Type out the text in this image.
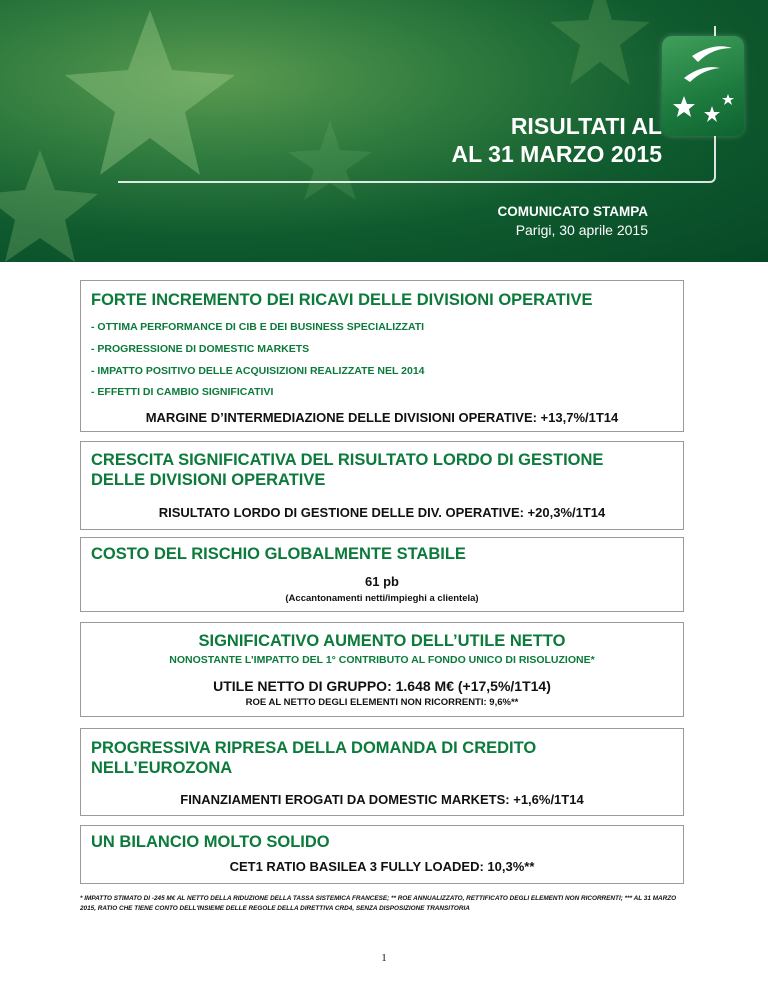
RISULTATI AL
AL 31 MARZO 2015
COMUNICATO STAMPA
Parigi, 30 aprile 2015
FORTE INCREMENTO DEI RICAVI DELLE DIVISIONI OPERATIVE
- OTTIMA PERFORMANCE DI CIB E DEI BUSINESS SPECIALIZZATI
- PROGRESSIONE DI DOMESTIC MARKETS
- IMPATTO POSITIVO DELLE ACQUISIZIONI REALIZZATE NEL 2014
- EFFETTI DI CAMBIO SIGNIFICATIVI
MARGINE D’INTERMEDIAZIONE DELLE DIVISIONI OPERATIVE: +13,7%/1T14
CRESCITA SIGNIFICATIVA DEL RISULTATO LORDO DI GESTIONE
DELLE DIVISIONI OPERATIVE
RISULTATO LORDO DI GESTIONE DELLE DIV. OPERATIVE: +20,3%/1T14
COSTO DEL RISCHIO GLOBALMENTE STABILE
61 pb
(Accantonamenti netti/impieghi a clientela)
SIGNIFICATIVO AUMENTO DELL’UTILE NETTO
NONOSTANTE L’IMPATTO DEL 1° CONTRIBUTO AL FONDO UNICO DI RISOLUZIONE*
UTILE NETTO DI GRUPPO: 1.648 M€ (+17,5%/1T14)
ROE AL NETTO DEGLI ELEMENTI NON RICORRENTI: 9,6%**
PROGRESSIVA RIPRESA DELLA DOMANDA DI CREDITO
NELL’EUROZONA
FINANZIAMENTI EROGATI DA DOMESTIC MARKETS: +1,6%/1T14
UN BILANCIO MOLTO SOLIDO
CET1 RATIO BASILEA 3 FULLY LOADED: 10,3%**
* IMPATTO STIMATO DI -245 M€ AL NETTO DELLA RIDUZIONE DELLA TASSA SISTEMICA FRANCESE; ** ROE ANNUALIZZATO, RETTIFICATO DEGLI ELEMENTI NON RICORRENTI; *** AL 31 MARZO 2015, RATIO CHE TIENE CONTO DELL'INSIEME DELLE REGOLE DELLA DIRETTIVA CRD4, SENZA DISPOSIZIONE TRANSITORIA
1
